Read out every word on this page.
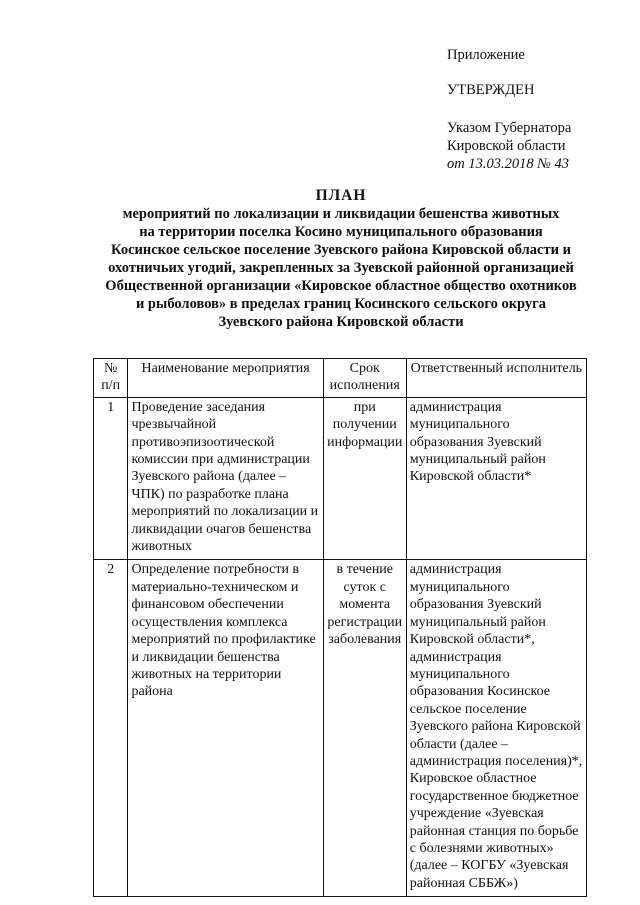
Приложение
УТВЕРЖДЕН
Указом Губернатора
Кировской области
от 13.03.2018 № 43
ПЛАН
мероприятий по локализации и ликвидации бешенства животных
на территории поселка Косино муниципального образования
Косинское сельское поселение Зуевского района Кировской области и
охотничьих угодий, закрепленных за Зуевской районной организацией
Общественной организации «Кировское областное общество охотников
и рыболовов» в пределах границ Косинского сельского округа
Зуевского района Кировской области
№ п/п	Наименование мероприятия	Срок исполнения	Ответственный исполнитель
1	Проведение заседания чрезвычайной противоэпизоотической комиссии при администрации Зуевского района (далее – ЧПК) по разработке плана мероприятий по локализации и ликвидации очагов бешенства животных	при получении информации	администрация муниципального образования Зуевский муниципальный район Кировской области*
2	Определение потребности в материально-техническом и финансовом обеспечении осуществления комплекса мероприятий по профилактике и ликвидации бешенства животных на территории района	в течение суток с момента регистрации заболевания	администрация муниципального образования Зуевский муниципальный район Кировской области*, администрация муниципального образования Косинское сельское поселение Зуевского района Кировской области (далее – администрация поселения)*, Кировское областное государственное бюджетное учреждение «Зуевская районная станция по борьбе с болезнями животных» (далее – КОГБУ «Зуевская районная СББЖ»)
